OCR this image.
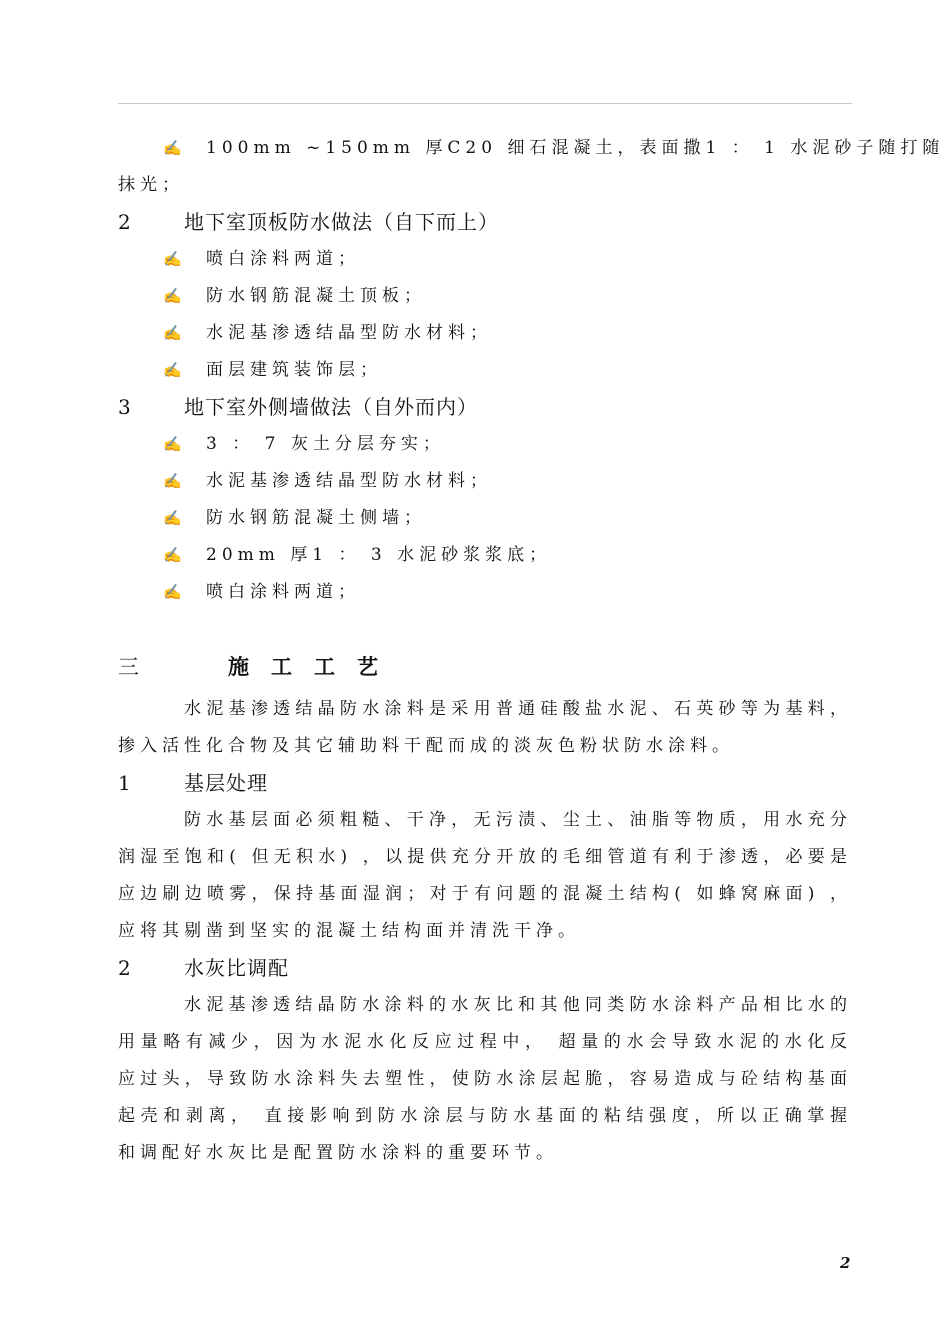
✍ 100mm ~150mm 厚C20 细石混凝土，表面撒1 ： 1 水泥砂子随打随
抹光；
2	地下室顶板防水做法（自下而上）
✍ 喷白涂料两道；
✍ 防水钢筋混凝土顶板；
✍ 水泥基渗透结晶型防水材料；
✍ 面层建筑装饰层；
3	地下室外侧墙做法（自外而内）
✍ 3 ： 7 灰土分层夯实；
✍ 水泥基渗透结晶型防水材料；
✍ 防水钢筋混凝土侧墙；
✍ 20mm 厚1 ： 3 水泥砂浆浆底；
✍ 喷白涂料两道；
三	施工工艺

水泥基渗透结晶防水涂料是采用普通硅酸盐水泥、石英砂等为基料，掺入活性化合物及其它辅助料干配而成的淡灰色粉状防水涂料。

1	基层处理

防水基层面必须粗糙、干净，无污渍、尘土、油脂等物质，用水充分润湿至饱和( 但无积水) ，以提供充分开放的毛细管道有利于渗透，必要是应边刷边喷雾，保持基面湿润；对于有问题的混凝土结构( 如蜂窝麻面) ，应将其剔凿到坚实的混凝土结构面并清洗干净。

2	水灰比调配

水泥基渗透结晶防水涂料的水灰比和其他同类防水涂料产品相比水的用量略有减少，因为水泥水化反应过程中， 超量的水会导致水泥的水化反应过头，导致防水涂料失去塑性，使防水涂层起脆，容易造成与砼结构基面起壳和剥离， 直接影响到防水涂层与防水基面的粘结强度，所以正确掌握和调配好水灰比是配置防水涂料的重要环节。

2
